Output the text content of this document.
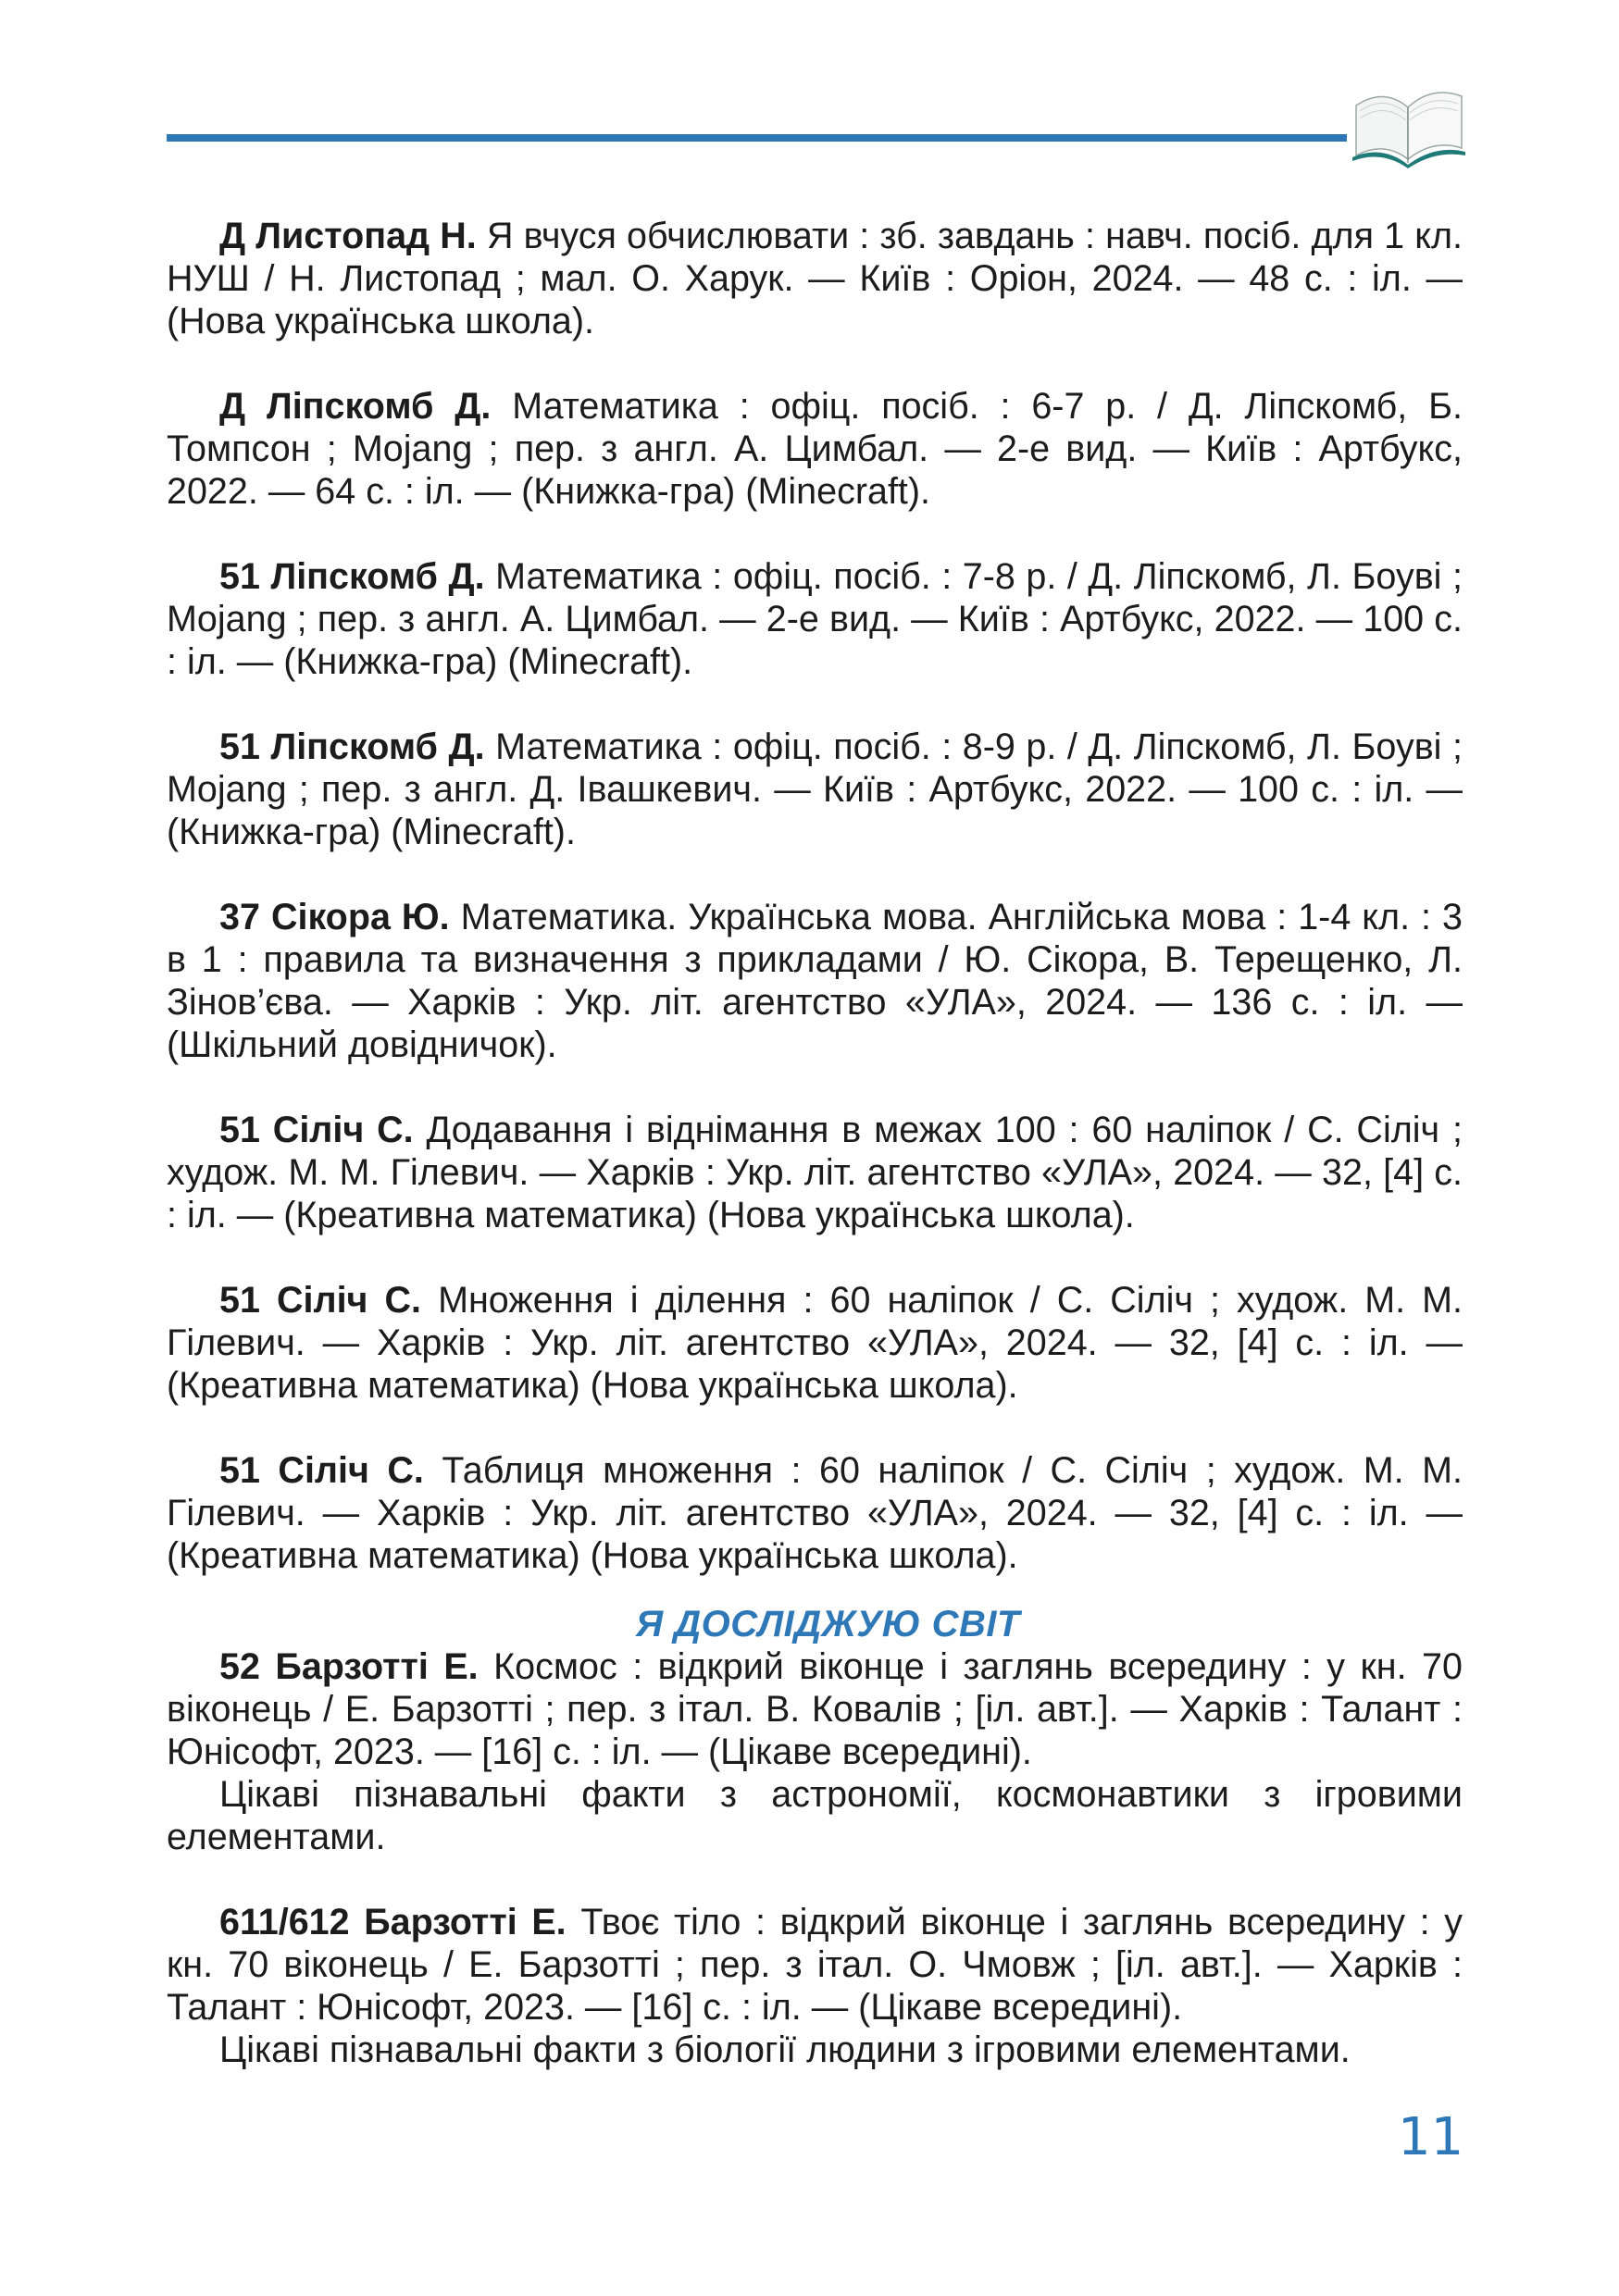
Д Листопад Н. Я вчуся обчислювати : зб. завдань : навч. посіб. для 1 кл. НУШ / Н. Листопад ; мал. О. Харук. — Київ : Оріон, 2024. — 48 с. : іл. — (Нова українська школа).

Д Ліпскомб Д. Математика : офіц. посіб. : 6-7 р. / Д. Ліпскомб, Б. Томпсон ; Mojang ; пер. з англ. А. Цимбал. — 2-е вид. — Київ : Артбукс, 2022. — 64 с. : іл. — (Книжка-гра) (Minecraft).

51 Ліпскомб Д. Математика : офіц. посіб. : 7-8 р. / Д. Ліпскомб, Л. Боуві ; Mojang ; пер. з англ. А. Цимбал. — 2-е вид. — Київ : Артбукс, 2022. — 100 с. : іл. — (Книжка-гра) (Minecraft).

51 Ліпскомб Д. Математика : офіц. посіб. : 8-9 р. / Д. Ліпскомб, Л. Боуві ; Mojang ; пер. з англ. Д. Івашкевич. — Київ : Артбукс, 2022. — 100 с. : іл. — (Книжка-гра) (Minecraft).

37 Сікора Ю. Математика. Українська мова. Англійська мова : 1-4 кл. : 3 в 1 : правила та визначення з прикладами / Ю. Сікора, В. Терещенко, Л. Зінов’єва. — Харків : Укр. літ. агентство «УЛА», 2024. — 136 с. : іл. — (Шкільний довідничок).

51 Сіліч С. Додавання і віднімання в межах 100 : 60 наліпок / С. Сіліч ; худож. М. М. Гілевич. — Харків : Укр. літ. агентство «УЛА», 2024. — 32, [4] с. : іл. — (Креативна математика) (Нова українська школа).

51 Сіліч С. Множення і ділення : 60 наліпок / С. Сіліч ; худож. М. М. Гілевич. — Харків : Укр. літ. агентство «УЛА», 2024. — 32, [4] с. : іл. — (Креативна математика) (Нова українська школа).

51 Сіліч С. Таблиця множення : 60 наліпок / С. Сіліч ; худож. М. М. Гілевич. — Харків : Укр. літ. агентство «УЛА», 2024. — 32, [4] с. : іл. — (Креативна математика) (Нова українська школа).

Я ДОСЛІДЖУЮ СВІТ

52 Барзотті Е. Космос : відкрий віконце і заглянь всередину : у кн. 70 віконець / Е. Барзотті ; пер. з італ. В. Ковалів ; [іл. авт.]. — Харків : Талант : Юнісофт, 2023. — [16] с. : іл. — (Цікаве всередині).

Цікаві пізнавальні факти з астрономії, космонавтики з ігровими елементами.

611/612 Барзотті Е. Твоє тіло : відкрий віконце і заглянь всередину : у кн. 70 віконець / Е. Барзотті ; пер. з італ. О. Чмовж ; [іл. авт.]. — Харків : Талант : Юнісофт, 2023. — [16] с. : іл. — (Цікаве всередині).

Цікаві пізнавальні факти з біології людини з ігровими елементами.

11
